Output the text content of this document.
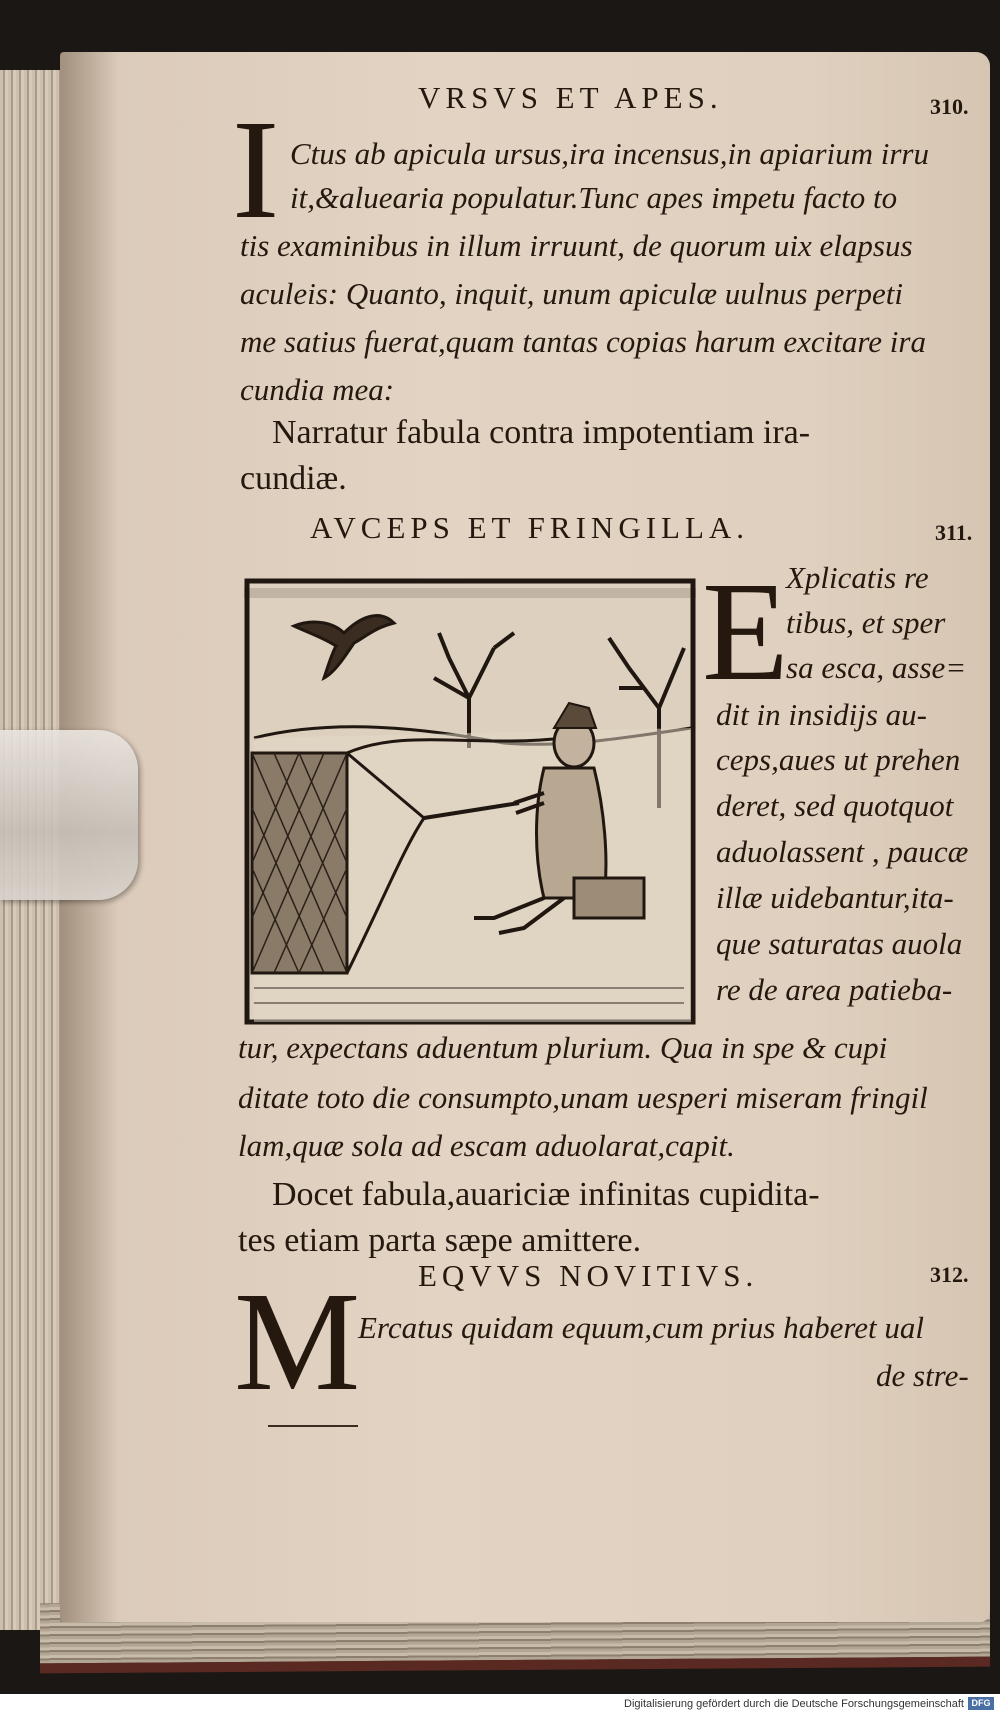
VRSVS ET APES.	310.
I Ctus ab apicula ursus,ira incensus,in apiarium irru
it,&aluearia populatur.Tunc apes impetu facto to
tis examinibus in illum irruunt, de quorum uix elapsus
aculeis: Quanto, inquit, unum apiculæ uulnus perpeti
me satius fuerat,quam tantas copias harum excitare ira
cundia mea:
Narratur fabula contra impotentiam ira-
cundiæ.
AVCEPS ET FRINGILLA.	311.
E
Xplicatis re
tibus, et sper
sa esca, asse=
dit in insidijs au-
ceps,aues ut prehen
deret, sed quotquot
aduolassent , paucæ
illæ uidebantur,ita-
que saturatas auola
re de area patieba-
tur, expectans aduentum plurium. Qua in spe & cupi
ditate toto die consumpto,unam uesperi miseram fringil
lam,quæ sola ad escam aduolarat,capit.
Docet fabula,auariciæ infinitas cupidita-
tes etiam parta sæpe amittere.
EQVVS NOVITIVS.	312.
M
Ercatus quidam equum,cum prius haberet ual
de stre-
Digitalisierung gefördert durch die Deutsche Forschungsgemeinschaft DFG
